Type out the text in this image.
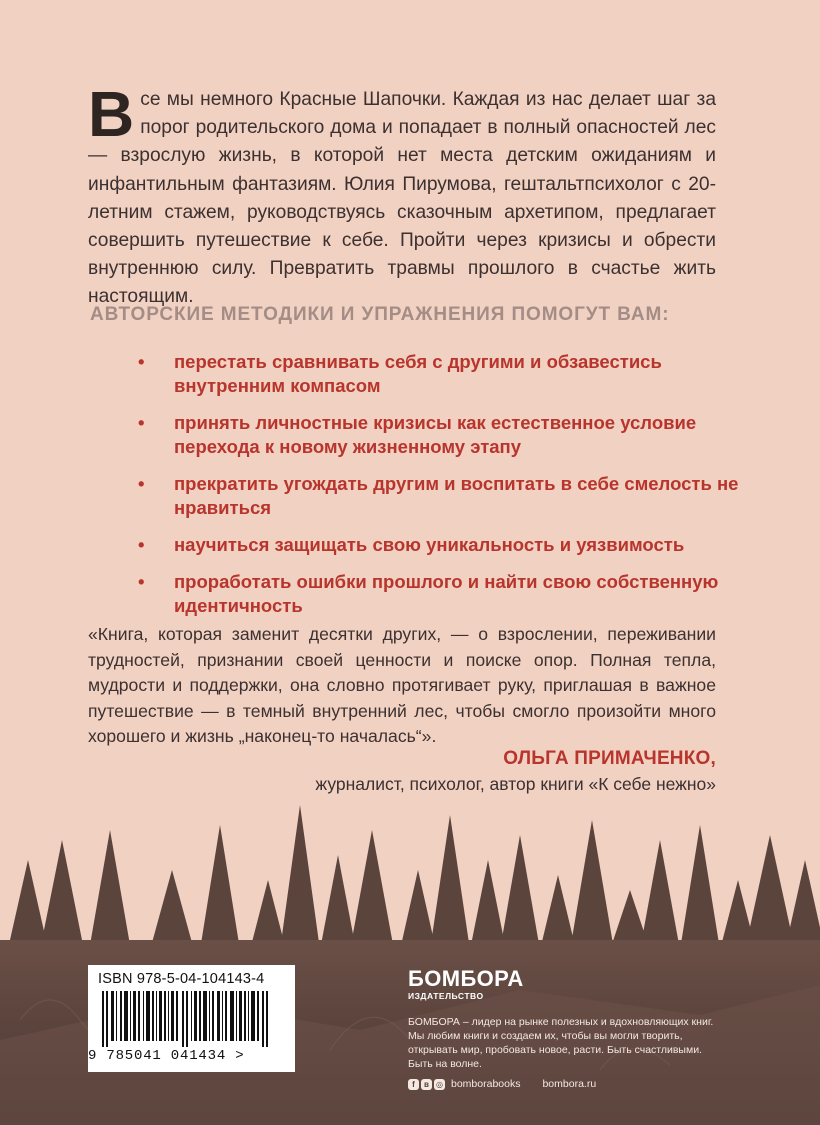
Все мы немного Красные Шапочки. Каждая из нас делает шаг за порог родительского дома и попадает в полный опасностей лес — взрослую жизнь, в которой нет места детским ожиданиям и инфантильным фантазиям. Юлия Пирумова, гештальтпсихолог с 20-летним стажем, руководствуясь сказочным архетипом, предлагает совершить путешествие к себе. Пройти через кризисы и обрести внутреннюю силу. Превратить травмы прошлого в счастье жить настоящим.
АВТОРСКИЕ МЕТОДИКИ И УПРАЖНЕНИЯ ПОМОГУТ ВАМ:
• перестать сравнивать себя с другими и обзавестись внутренним компасом
• принять личностные кризисы как естественное условие перехода к новому жизненному этапу
• прекратить угождать другим и воспитать в себе смелость не нравиться
• научиться защищать свою уникальность и уязвимость
• проработать ошибки прошлого и найти свою собственную идентичность
«Книга, которая заменит десятки других, — о взрослении, переживании трудностей, признании своей ценности и поиске опор. Полная тепла, мудрости и поддержки, она словно протягивает руку, приглашая в важное путешествие — в темный внутренний лес, чтобы смогло произойти много хорошего и жизнь „наконец-то началась“».
ОЛЬГА ПРИМАЧЕНКО,
журналист, психолог, автор книги «К себе нежно»
ISBN 978-5-04-104143-4
9 785041 041434 >
БОМБОРА
ИЗДАТЕЛЬСТВО
БОМБОРА – лидер на рынке полезных и вдохновляющих книг. Мы любим книги и создаем их, чтобы вы могли творить, открывать мир, пробовать новое, расти. Быть счастливыми. Быть на волне.
f	в ◎ bomborabooks bombora.ru
